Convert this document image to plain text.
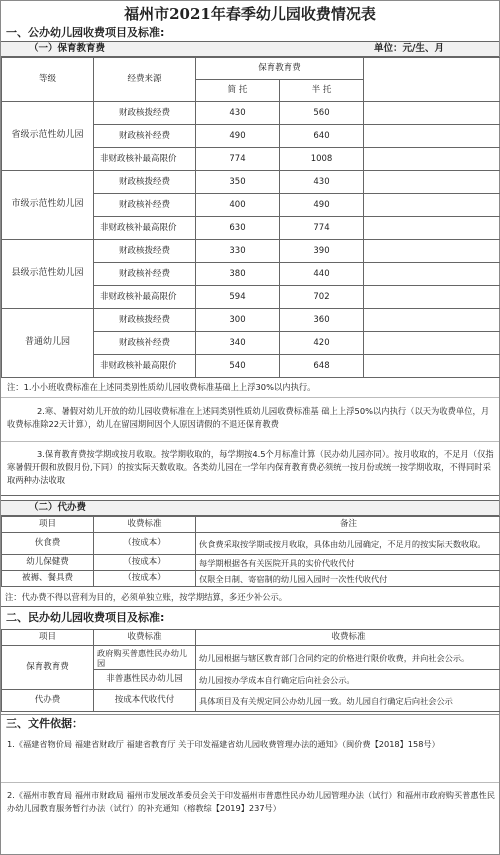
福州市2021年春季幼儿园收费情况表
一、公办幼儿园收费项目及标准:
（一）保育教育费	单位：元/生、月
等级	经费来源	保育教育费		
		简 托	半 托	
省级示范性幼儿园	财政核拨经费	430	560	
	财政核补经费	490	640	
	非财政核补最高限价	774	1008	
市级示范性幼儿园	财政核拨经费	350	430	
	财政核补经费	400	490	
	非财政核补最高限价	630	774	
县级示范性幼儿园	财政核拨经费	330	390	
	财政核补经费	380	440	
	非财政核补最高限价	594	702	
普通幼儿园	财政核拨经费	300	360	
	财政核补经费	340	420	
	非财政核补最高限价	540	648	
注：1.小小班收费标准在上述同类别性质幼儿园收费标准基础上上浮30%以内执行。
2.寒、暑假对幼儿开放的幼儿园收费标准在上述同类别性质幼儿园收费标准基 础上上浮50%以内执行（以天为收费单位，月收费标准除22天计算），幼儿在留园期间因个人原因请假的不退还保育教费
3.保育教育费按学期或按月收取。按学期收取的，每学期按4.5个月标准计算（民办幼儿园亦同）。按月收取的，不足月（仅指寒暑假开假和放假月份,下同）的按实际天数收取。各类幼儿园在一学年内保育教育费必须统一按月份或统一按学期收取，不得同时采取两种办法收取
（二）代办费
项目	收费标准	备注
伙食费	（按成本）	伙食费采取按学期或按月收取，具体由幼儿园确定，不足月的按实际天数收取。
幼儿保健费	（按成本）	每学期根据各有关医院开具的实价代收代付
被褥、餐具费	（按成本）	仅限全日制、寄宿制的幼儿园入园时一次性代收代付
注：代办费不得以营利为目的，必须单独立账，按学期结算，多还少补公示。
二、民办幼儿园收费项目及标准:
项目	收费标准	收费标准
保育教育费	政府购买普惠性民办幼儿园	幼儿园根据与辖区教育部门合同约定的价格进行限价收费，并向社会公示。
	非普惠性民办幼儿园	幼儿园按办学成本自行确定后向社会公示。
代办费	按成本代收代付	具体项目及有关规定同公办幼儿园一致。幼儿园自行确定后向社会公示
三、文件依据：
1.《福建省物价局 福建省财政厅 福建省教育厅 关于印发福建省幼儿园收费管理办法的通知》（闽价费【2018】158号）
2.《福州市教育局 福州市财政局 福州市发展改革委员会关于印发福州市普惠性民办幼儿园管理办法（试行）和福州市政府购买普惠性民办幼儿园教育服务暂行办法（试行）的补充通知（榕教综【2019】237号）
